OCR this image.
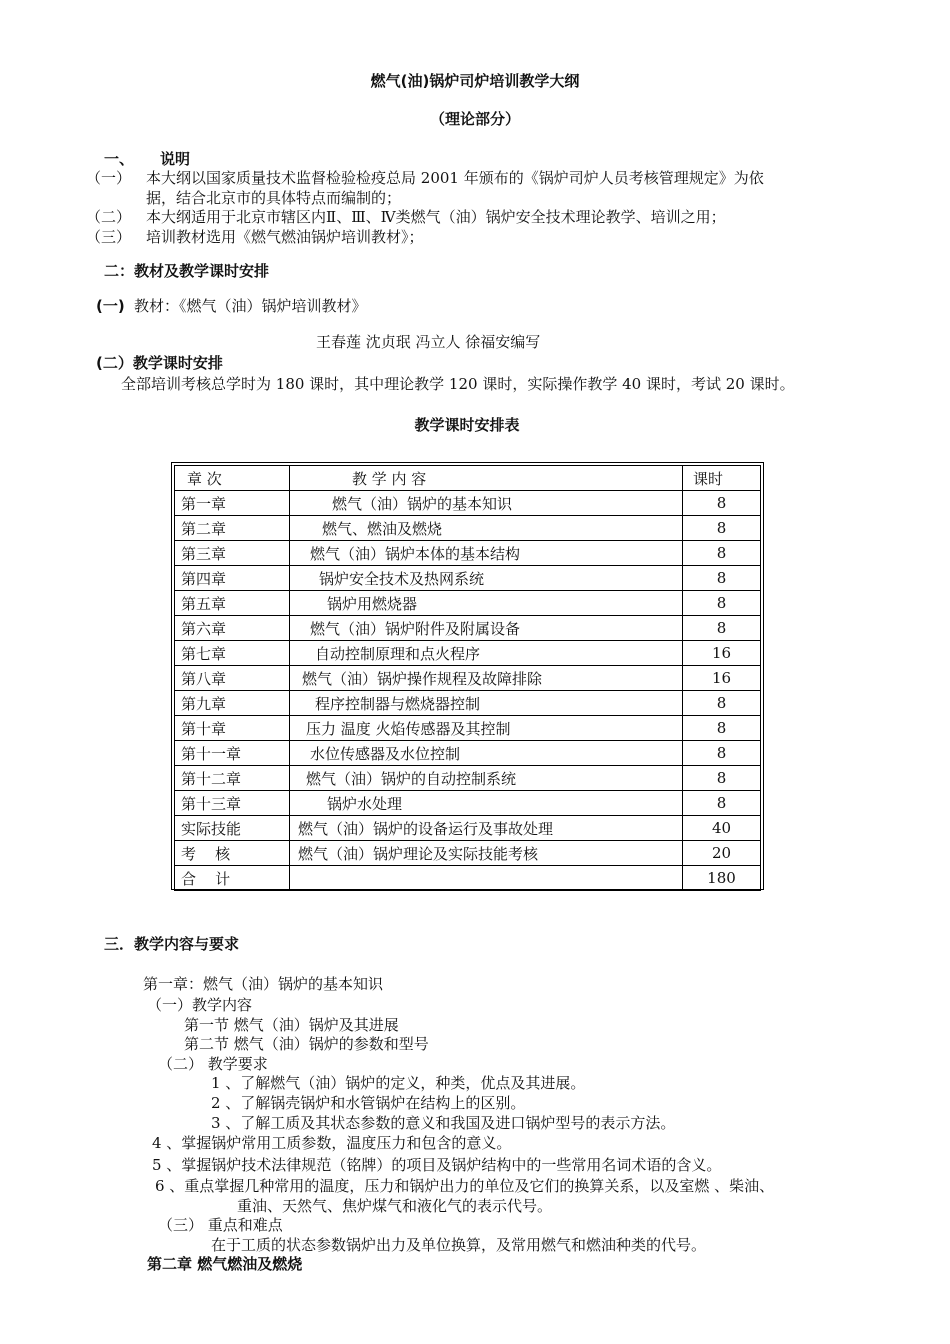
燃气(油)锅炉司炉培训教学大纲
（理论部分）
一、 说明
（一） 本大纲以国家质量技术监督检验检疫总局 2001 年颁布的《锅炉司炉人员考核管理规定》为依
据，结合北京市的具体特点而编制的；
（二） 本大纲适用于北京市辖区内Ⅱ、Ⅲ、Ⅳ类燃气（油）锅炉安全技术理论教学、培训之用；
（三） 培训教材选用《燃气燃油锅炉培训教材》；
二：教材及教学课时安排
(一) 教材：《燃气（油）锅炉培训教材》
王春莲 沈贞珉 冯立人 徐福安编写
(二）教学课时安排
全部培训考核总学时为 180 课时，其中理论教学 120 课时，实际操作教学 40 课时，考试 20 课时。
教学课时安排表
章 次	教 学 内 容	课时
第一章	燃气（油）锅炉的基本知识	8
第二章	燃气、燃油及燃烧	8
第三章	燃气（油）锅炉本体的基本结构	8
第四章	锅炉安全技术及热网系统	8
第五章	锅炉用燃烧器	8
第六章	燃气（油）锅炉附件及附属设备	8
第七章	自动控制原理和点火程序	16
第八章	燃气（油）锅炉操作规程及故障排除	16
第九章	程序控制器与燃烧器控制	8
第十章	压力 温度 火焰传感器及其控制	8
第十一章	水位传感器及水位控制	8
第十二章	燃气（油）锅炉的自动控制系统	8
第十三章	锅炉水处理	8
实际技能	燃气（油）锅炉的设备运行及事故处理	40
考    核	燃气（油）锅炉理论及实际技能考核	20
合    计		180
三．教学内容与要求
第一章：燃气（油）锅炉的基本知识
（一）教学内容
第一节 燃气（油）锅炉及其进展
第二节 燃气（油）锅炉的参数和型号
（二） 教学要求
1 、了解燃气（油）锅炉的定义，种类，优点及其进展。
2 、了解锅壳锅炉和水管锅炉在结构上的区别。
3 、了解工质及其状态参数的意义和我国及进口锅炉型号的表示方法。
4 、掌握锅炉常用工质参数，温度压力和包含的意义。
5 、掌握锅炉技术法律规范（铭牌）的项目及锅炉结构中的一些常用名词术语的含义。
6 、重点掌握几种常用的温度，压力和锅炉出力的单位及它们的换算关系，以及室燃 、柴油、
重油、天然气、焦炉煤气和液化气的表示代号。
（三） 重点和难点
在于工质的状态参数锅炉出力及单位换算，及常用燃气和燃油种类的代号。
第二章 燃气燃油及燃烧
